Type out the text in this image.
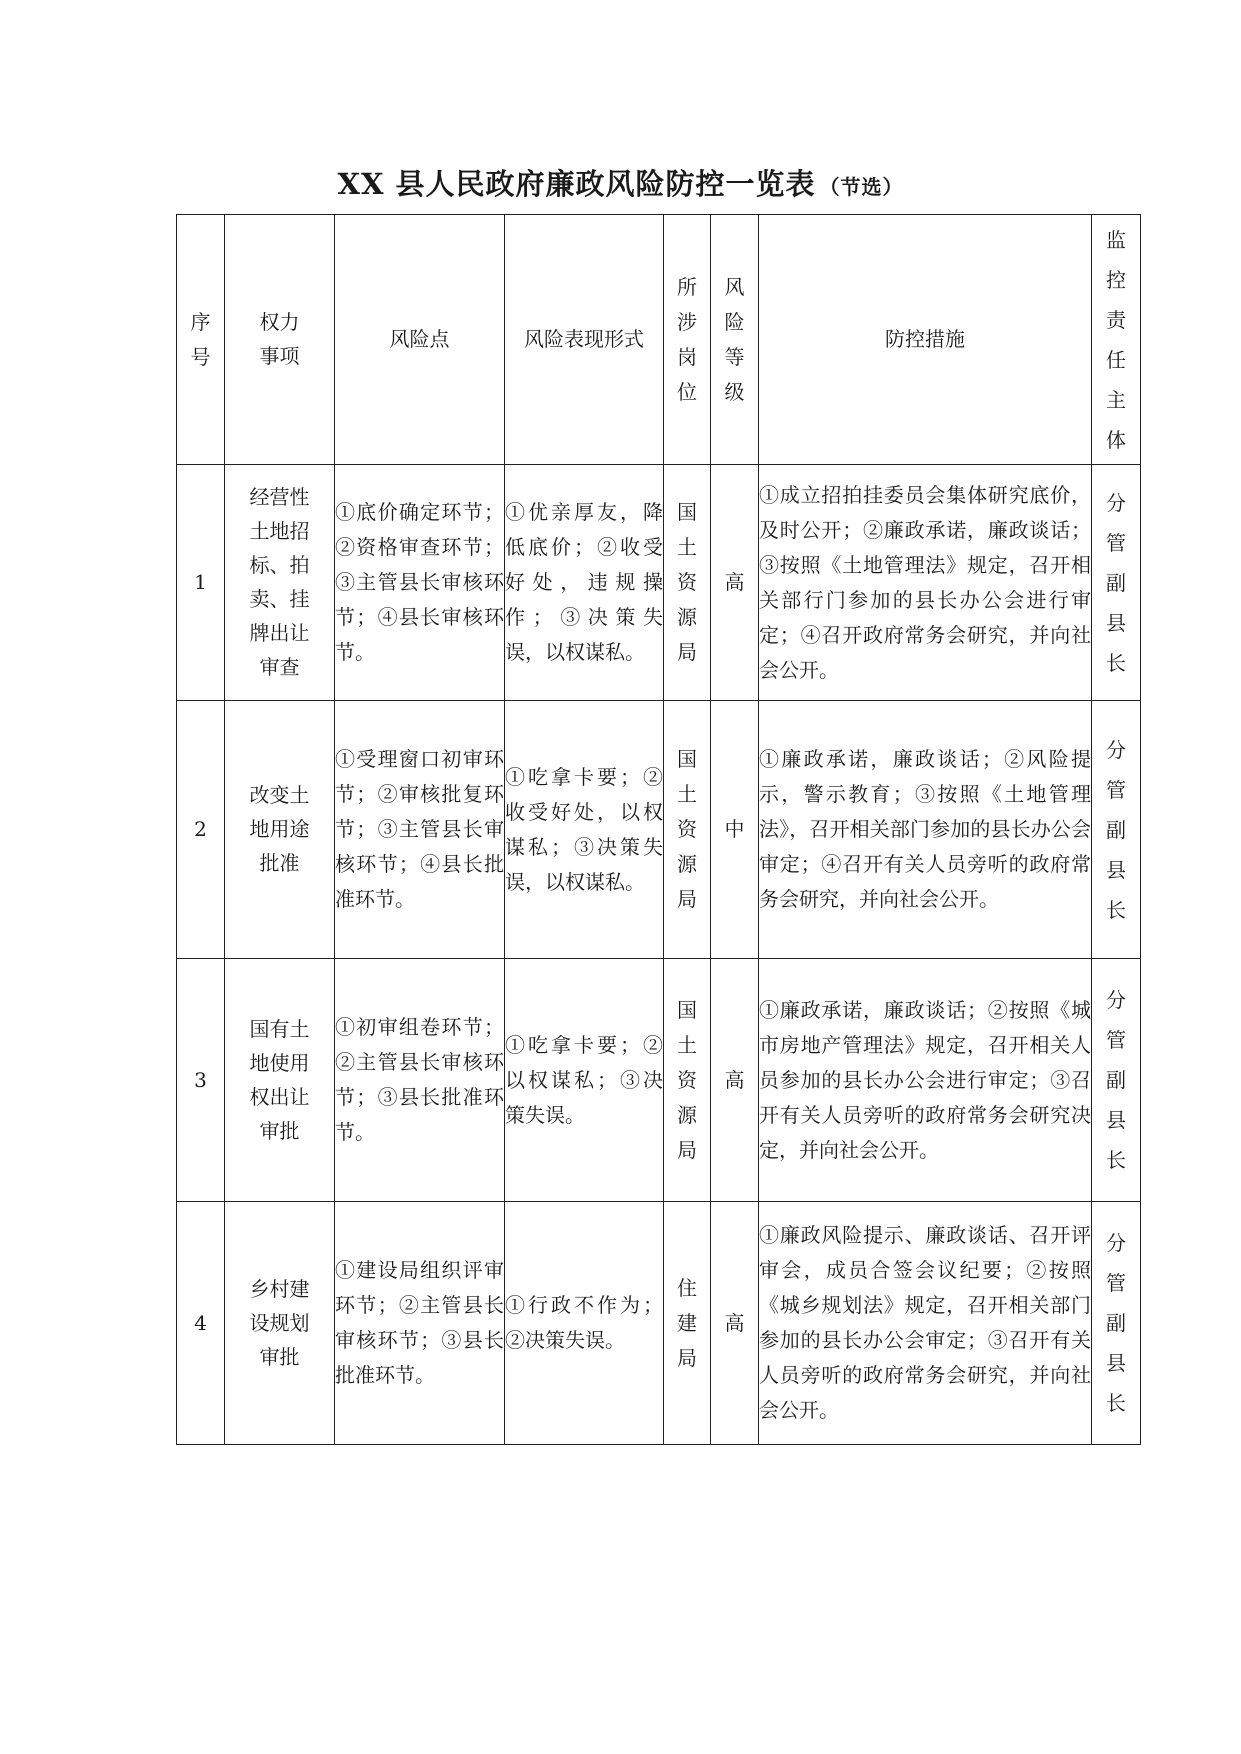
XX 县人民政府廉政风险防控一览表 （节选）
序号	权力事项	风险点	风险表现形式	所涉岗位	风险等级	防控措施	监控责任主体
1	经营性土地招标、拍卖、挂牌出让审查	①底价确定环节；②资格审查环节；③主管县长审核环节；④县长审核环节。	①优亲厚友，降低底价；②收受好处，违规操作；③决策失误，以权谋私。	国土资源局	高	①成立招拍挂委员会集体研究底价，及时公开；②廉政承诺，廉政谈话；③按照《土地管理法》规定，召开相关部行门参加的县长办公会进行审定；④召开政府常务会研究，并向社会公开。	分管副县长
2	改变土地用途批准	①受理窗口初审环节；②审核批复环节；③主管县长审核环节；④县长批准环节。	①吃拿卡要；②收受好处，以权谋私；③决策失误，以权谋私。	国土资源局	中	①廉政承诺，廉政谈话；②风险提示，警示教育；③按照《土地管理法》，召开相关部门参加的县长办公会审定；④召开有关人员旁听的政府常务会研究，并向社会公开。	分管副县长
3	国有土地使用权出让审批	①初审组卷环节；②主管县长审核环节；③县长批准环节。	①吃拿卡要；②以权谋私；③决策失误。	国土资源局	高	①廉政承诺，廉政谈话；②按照《城市房地产管理法》规定，召开相关人员参加的县长办公会进行审定；③召开有关人员旁听的政府常务会研究决定，并向社会公开。	分管副县长
4	乡村建设规划审批	①建设局组织评审环节；②主管县长审核环节；③县长批准环节。	①行政不作为；②决策失误。	住建局	高	①廉政风险提示、廉政谈话、召开评审会，成员合签会议纪要；②按照《城乡规划法》规定，召开相关部门参加的县长办公会审定；③召开有关人员旁听的政府常务会研究，并向社会公开。	分管副县长
